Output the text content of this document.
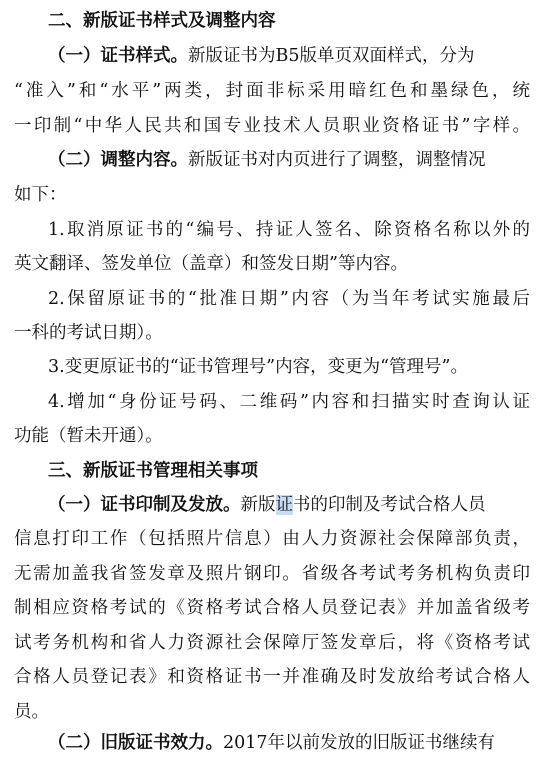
二、新版证书样式及调整内容
（一）证书样式。新版证书为B5版单页双面样式，分为
“准入”和“水平”两类，封面非标采用暗红色和墨绿色，统
一印制“中华人民共和国专业技术人员职业资格证书”字样。
（二）调整内容。新版证书对内页进行了调整，调整情况
如下：
1.取消原证书的“编号、持证人签名、除资格名称以外的
英文翻译、签发单位（盖章）和签发日期”等内容。
2.保留原证书的“批准日期”内容（为当年考试实施最后
一科的考试日期）。
3.变更原证书的“证书管理号”内容，变更为“管理号”。
4.增加“身份证号码、二维码”内容和扫描实时查询认证
功能（暂未开通）。
三、新版证书管理相关事项
（一）证书印制及发放。新版证书的印制及考试合格人员
信息打印工作（包括照片信息）由人力资源社会保障部负责，
无需加盖我省签发章及照片钢印。省级各考试考务机构负责印
制相应资格考试的《资格考试合格人员登记表》并加盖省级考
试考务机构和省人力资源社会保障厅签发章后，将《资格考试
合格人员登记表》和资格证书一并准确及时发放给考试合格人
员。
（二）旧版证书效力。2017年以前发放的旧版证书继续有
